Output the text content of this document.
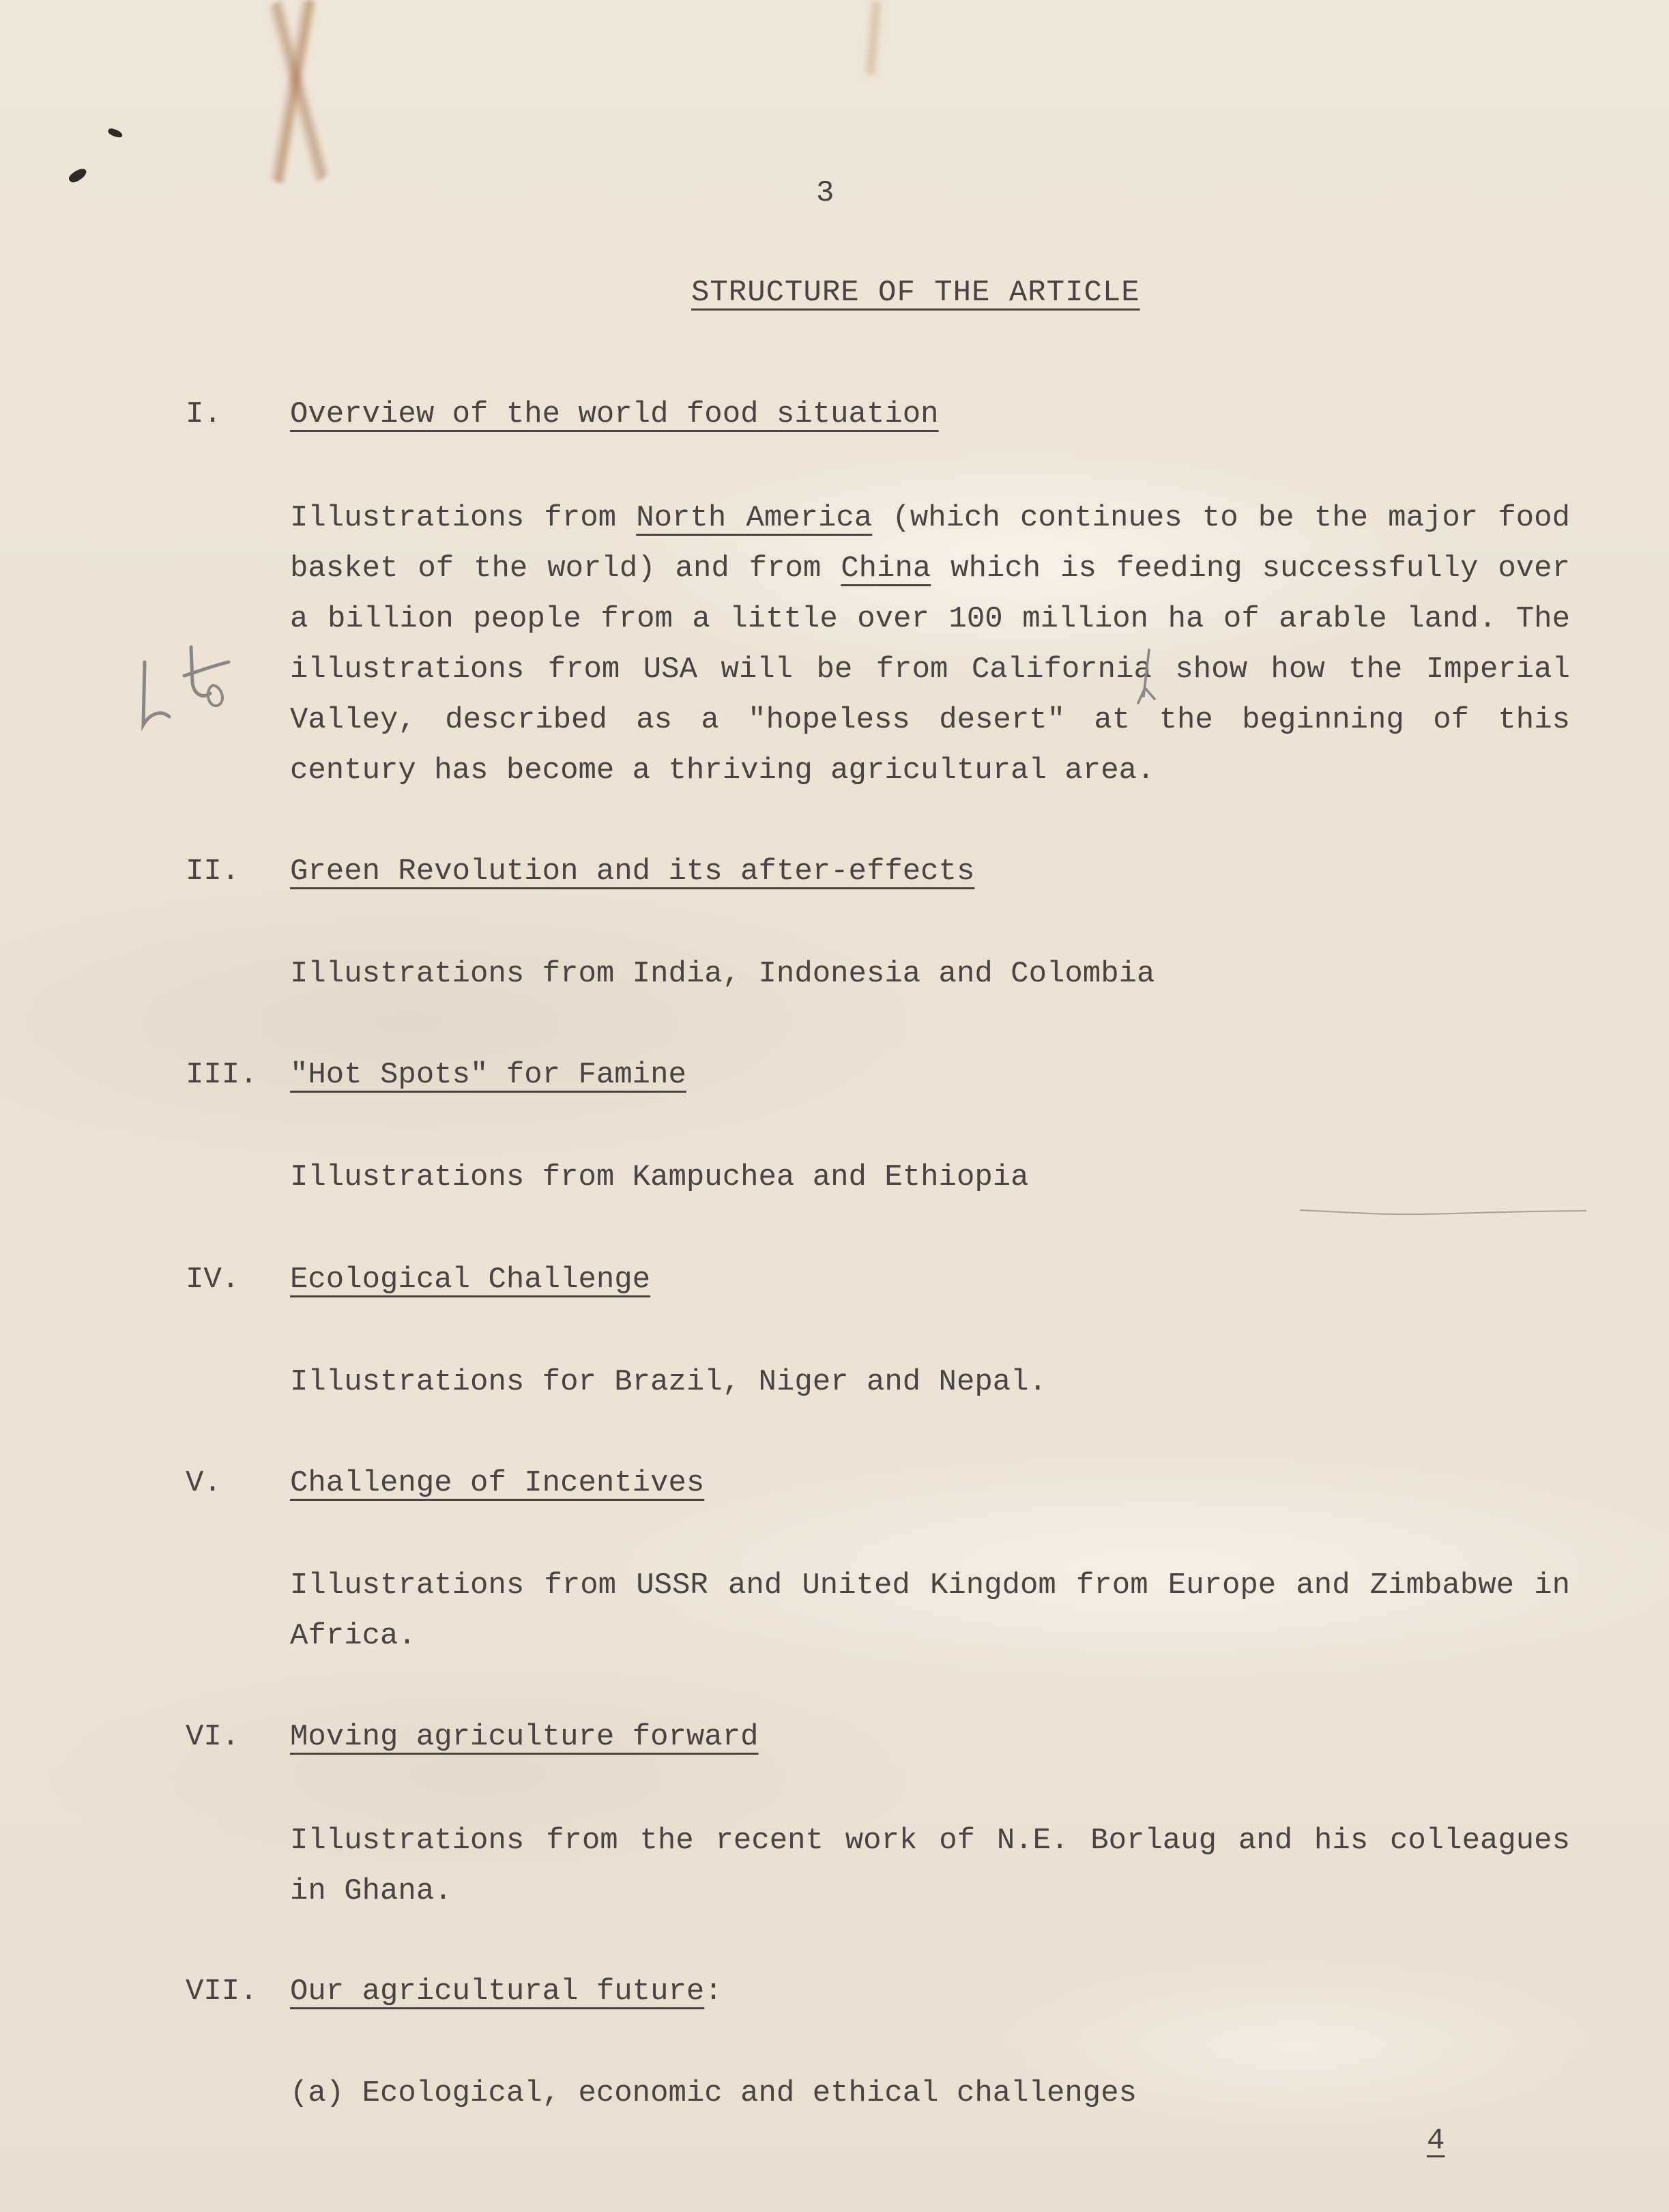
3
STRUCTURE OF THE ARTICLE
I. Overview of the world food situation
Illustrations from North America (which continues to be the major food basket of the world) and from China which is feeding successfully over a billion people from a little over 100 million ha of arable land. The illustrations from USA will be from California show how the Imperial Valley, described as a "hopeless desert" at the beginning of this century has become a thriving agricultural area.
II. Green Revolution and its after-effects
Illustrations from India, Indonesia and Colombia
III. "Hot Spots" for Famine
Illustrations from Kampuchea and Ethiopia
IV. Ecological Challenge
Illustrations for Brazil, Niger and Nepal.
V. Challenge of Incentives
Illustrations from USSR and United Kingdom from Europe and Zimbabwe in Africa.
VI. Moving agriculture forward
Illustrations from the recent work of N.E. Borlaug and his colleagues in Ghana.
VII. Our agricultural future:
(a) Ecological, economic and ethical challenges
4
